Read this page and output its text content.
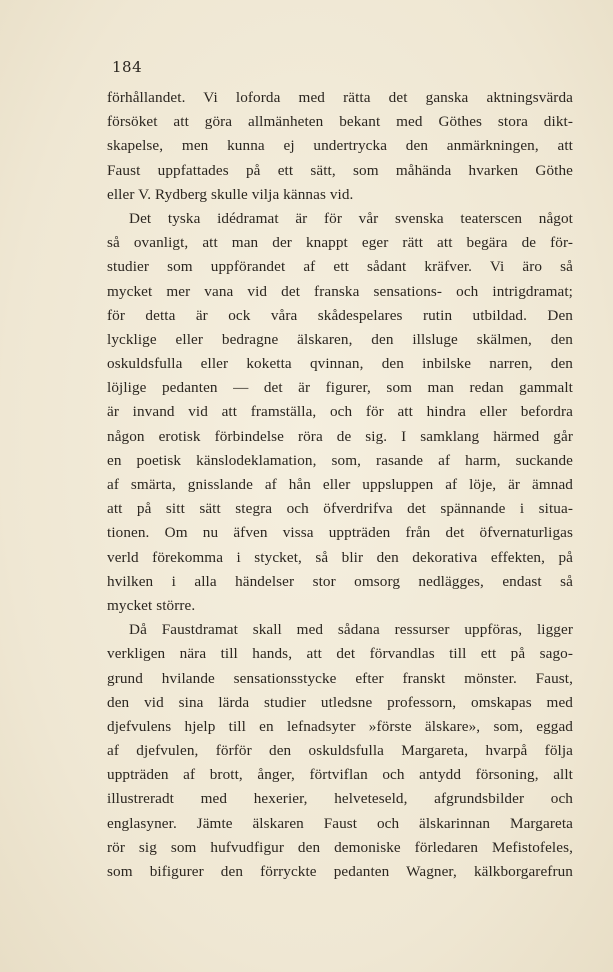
184
förhållandet. Vi loforda med rätta det ganska aktningsvärda
försöket att göra allmänheten bekant med Göthes stora dikt-
skapelse, men kunna ej undertrycka den anmärkningen, att
Faust uppfattades på ett sätt, som måhända hvarken Göthe
eller V. Rydberg skulle vilja kännas vid.
Det tyska idédramat är för vår svenska teaterscen något
så ovanligt, att man der knappt eger rätt att begära de för-
studier som uppförandet af ett sådant kräfver. Vi äro så
mycket mer vana vid det franska sensations- och intrigdramat;
för detta är ock våra skådespelares rutin utbildad. Den
lycklige eller bedragne älskaren, den illsluge skälmen, den
oskuldsfulla eller koketta qvinnan, den inbilske narren, den
löjlige pedanten — det är figurer, som man redan gammalt
är invand vid att framställa, och för att hindra eller befordra
någon erotisk förbindelse röra de sig. I samklang härmed går
en poetisk känslodeklamation, som, rasande af harm, suckande
af smärta, gnisslande af hån eller uppsluppen af löje, är ämnad
att på sitt sätt stegra och öfverdrifva det spännande i situa-
tionen. Om nu äfven vissa uppträden från det öfvernaturligas
verld förekomma i stycket, så blir den dekorativa effekten, på
hvilken i alla händelser stor omsorg nedlägges, endast så
mycket större.
Då Faustdramat skall med sådana ressurser uppföras, ligger
verkligen nära till hands, att det förvandlas till ett på sago-
grund hvilande sensationsstycke efter franskt mönster. Faust,
den vid sina lärda studier utledsne professorn, omskapas med
djefvulens hjelp till en lefnadsyter »förste älskare», som, eggad
af djefvulen, förför den oskuldsfulla Margareta, hvarpå följa
uppträden af brott, ånger, förtviflan och antydd försoning, allt
illustreradt med hexerier, helveteseld, afgrundsbilder och
englasyner. Jämte älskaren Faust och älskarinnan Margareta
rör sig som hufvudfigur den demoniske förledaren Mefistofeles,
som bifigurer den förryckte pedanten Wagner, kälkborgarefrun
